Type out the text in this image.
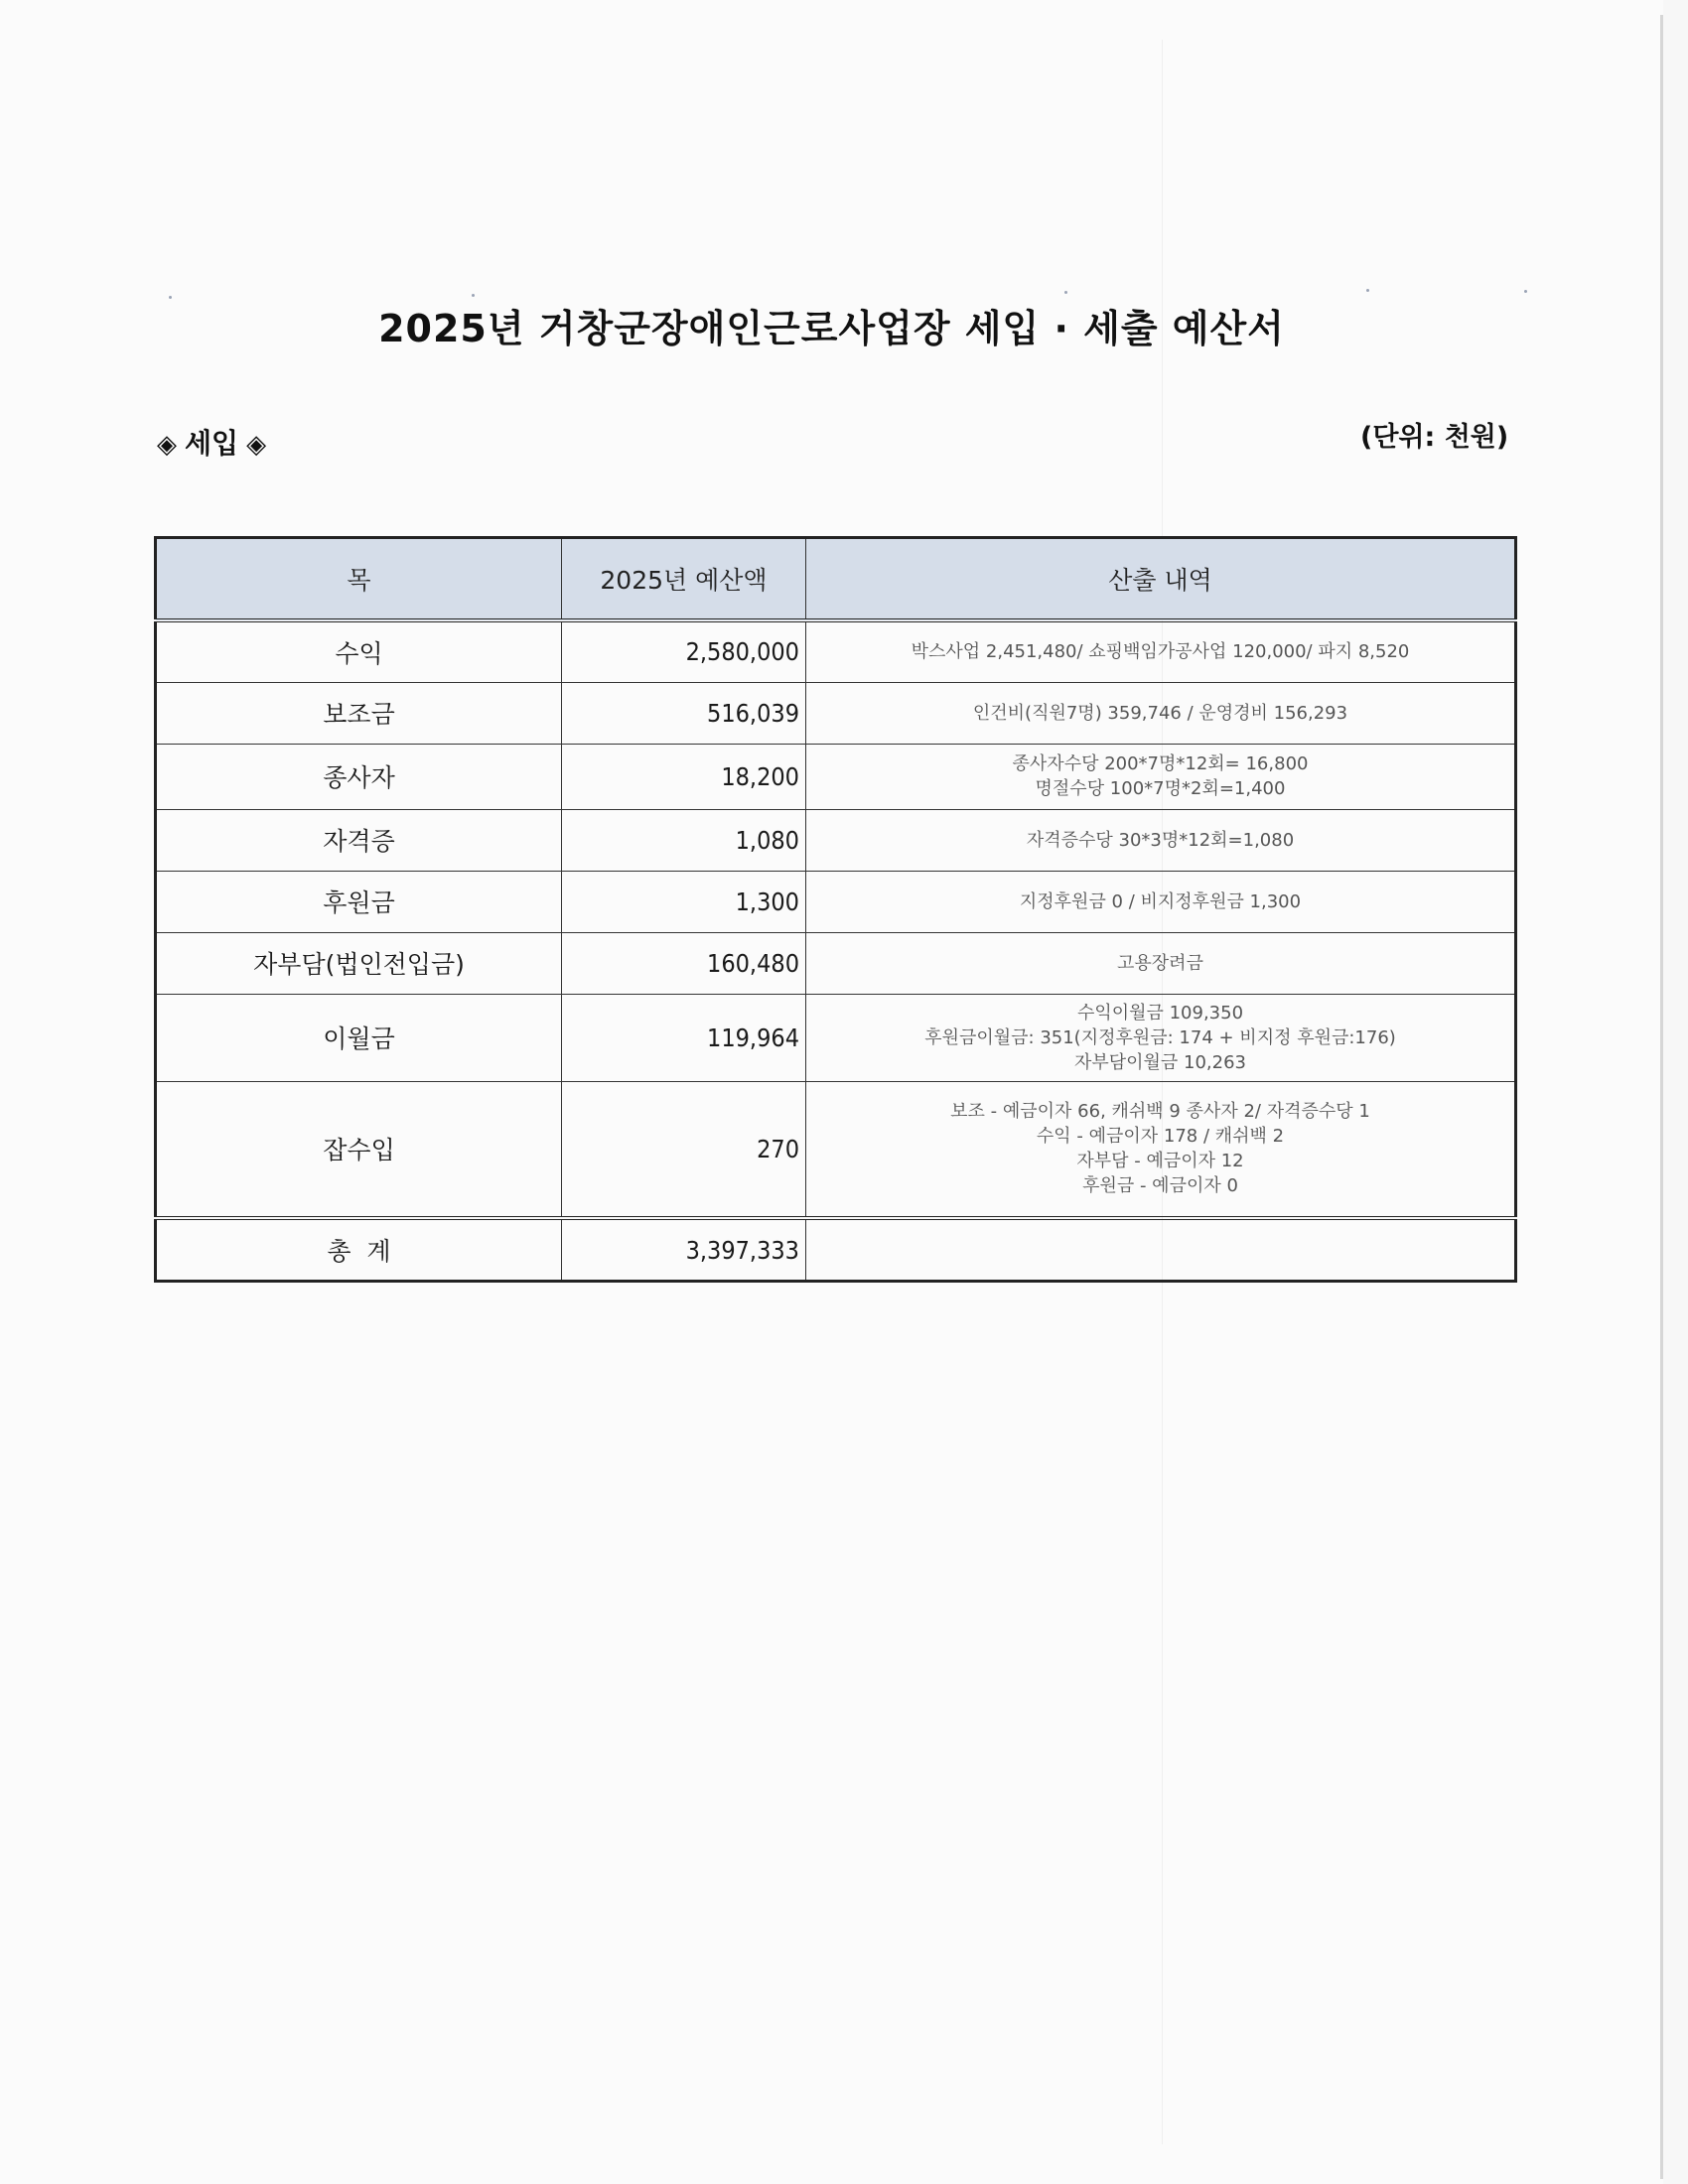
2025년 거창군장애인근로사업장 세입 · 세출 예산서
◈ 세입 ◈	(단위: 천원)
목	2025년 예산액	산출 내역
수익	2,580,000	박스사업 2,451,480/ 쇼핑백임가공사업 120,000/ 파지 8,520

보조금	516,039	인건비(직원7명) 359,746 / 운영경비 156,293

종사자	18,200	종사자수당 200*7명*12회= 16,800
명절수당 100*7명*2회=1,400

자격증	1,080	자격증수당 30*3명*12회=1,080

후원금	1,300	지정후원금 0 / 비지정후원금 1,300

자부담(법인전입금)	160,480	고용장려금

이월금	119,964	수익이월금 109,350
후원금이월금: 351(지정후원금: 174 + 비지정 후원금:176)
자부담이월금 10,263

잡수입	270	보조 - 예금이자 66, 캐쉬백 9 종사자 2/ 자격증수당 1
수익 - 예금이자 178 / 캐쉬백 2
자부담 - 예금이자 12
후원금 - 예금이자 0

총  계	3,397,333	
